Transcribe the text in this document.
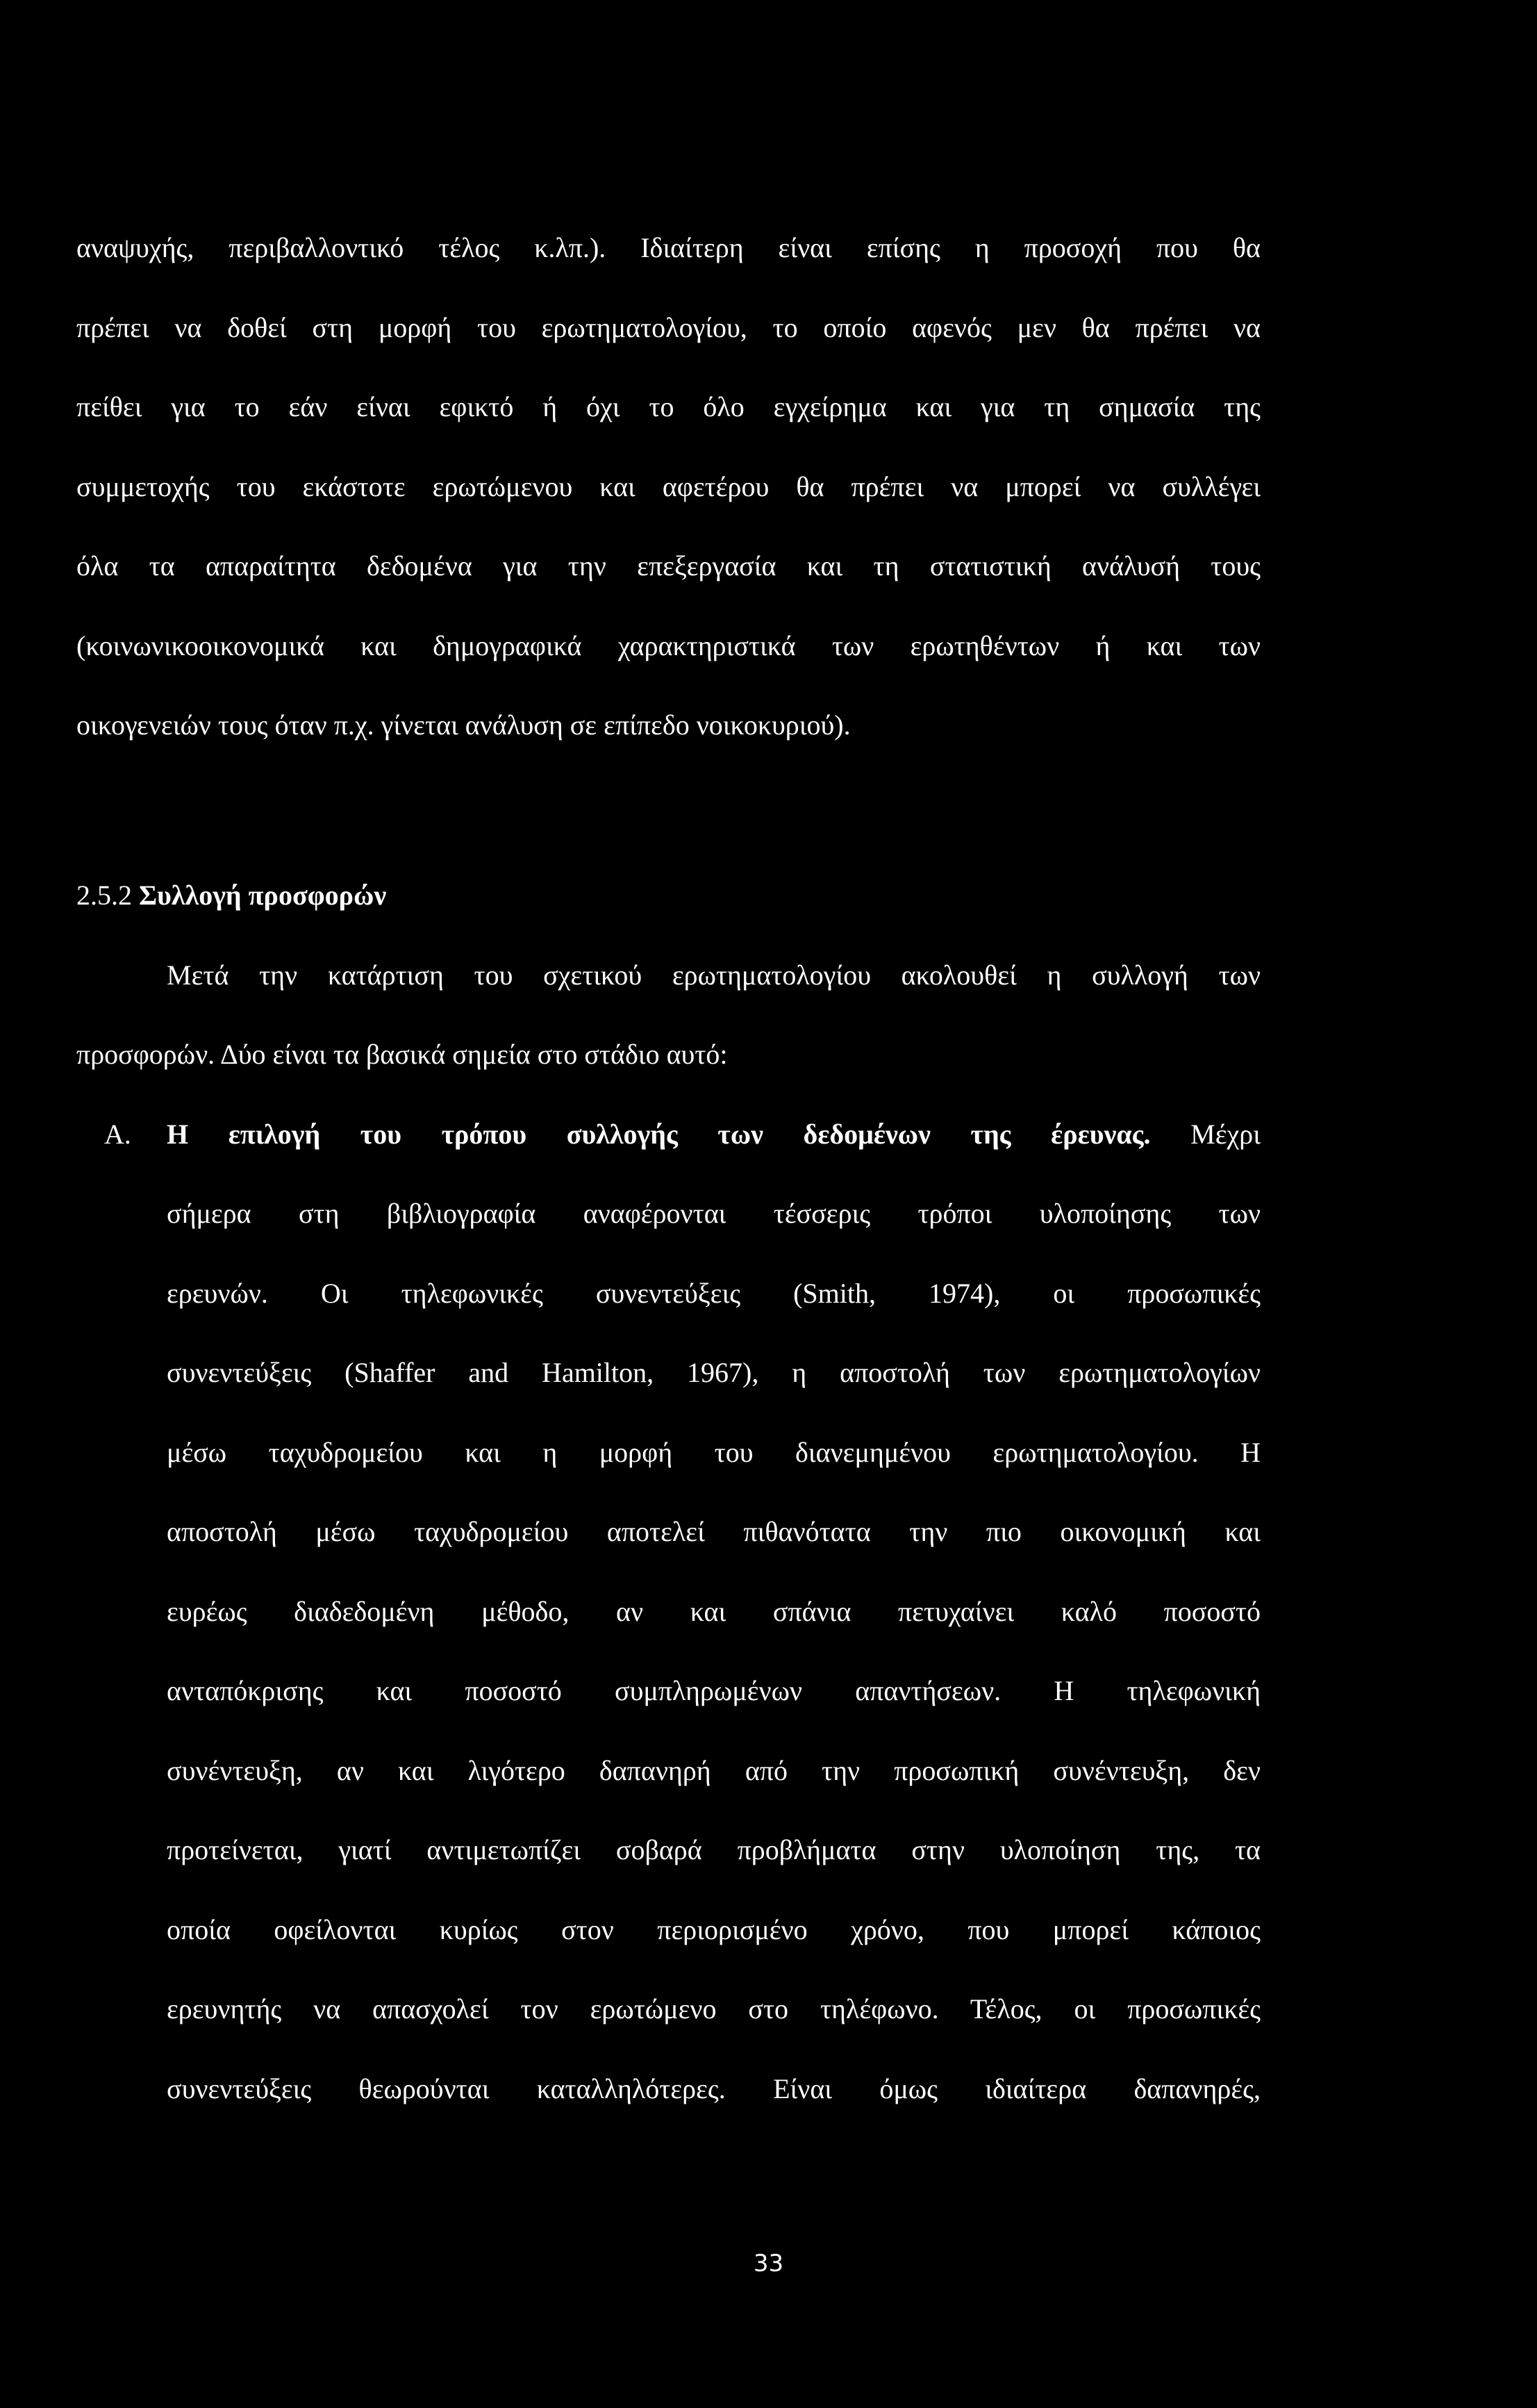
αναψυχής, περιβαλλοντικό τέλος κ.λπ.). Ιδιαίτερη είναι επίσης η προσοχή που θα

πρέπει να δοθεί στη μορφή του ερωτηματολογίου, το οποίο αφενός μεν θα πρέπει να

πείθει για το εάν είναι εφικτό ή όχι το όλο εγχείρημα και για τη σημασία της

συμμετοχής του εκάστοτε ερωτώμενου και αφετέρου θα πρέπει να μπορεί να συλλέγει

όλα τα απαραίτητα δεδομένα για την επεξεργασία και τη στατιστική ανάλυσή τους

(κοινωνικοοικονομικά και δημογραφικά χαρακτηριστικά των ερωτηθέντων ή και των

οικογενειών τους όταν π.χ. γίνεται ανάλυση σε επίπεδο νοικοκυριού).

2.5.2 Συλλογή προσφορών

Μετά την κατάρτιση του σχετικού ερωτηματολογίου ακολουθεί η συλλογή των

προσφορών. Δύο είναι τα βασικά σημεία στο στάδιο αυτό:

Α. Η επιλογή του τρόπου συλλογής των δεδομένων της έρευνας. Μέχρι

σήμερα στη βιβλιογραφία αναφέρονται τέσσερις τρόποι υλοποίησης των

ερευνών. Οι τηλεφωνικές συνεντεύξεις (Smith, 1974), οι προσωπικές

συνεντεύξεις (Shaffer and Hamilton, 1967), η αποστολή των ερωτηματολογίων

μέσω ταχυδρομείου και η μορφή του διανεμημένου ερωτηματολογίου. Η

αποστολή μέσω ταχυδρομείου αποτελεί πιθανότατα την πιο οικονομική και

ευρέως διαδεδομένη μέθοδο, αν και σπάνια πετυχαίνει καλό ποσοστό

ανταπόκρισης και ποσοστό συμπληρωμένων απαντήσεων. Η τηλεφωνική

συνέντευξη, αν και λιγότερο δαπανηρή από την προσωπική συνέντευξη, δεν

προτείνεται, γιατί αντιμετωπίζει σοβαρά προβλήματα στην υλοποίηση της, τα

οποία οφείλονται κυρίως στον περιορισμένο χρόνο, που μπορεί κάποιος

ερευνητής να απασχολεί τον ερωτώμενο στο τηλέφωνο. Τέλος, οι προσωπικές

συνεντεύξεις θεωρούνται καταλληλότερες. Είναι όμως ιδιαίτερα δαπανηρές,

33
